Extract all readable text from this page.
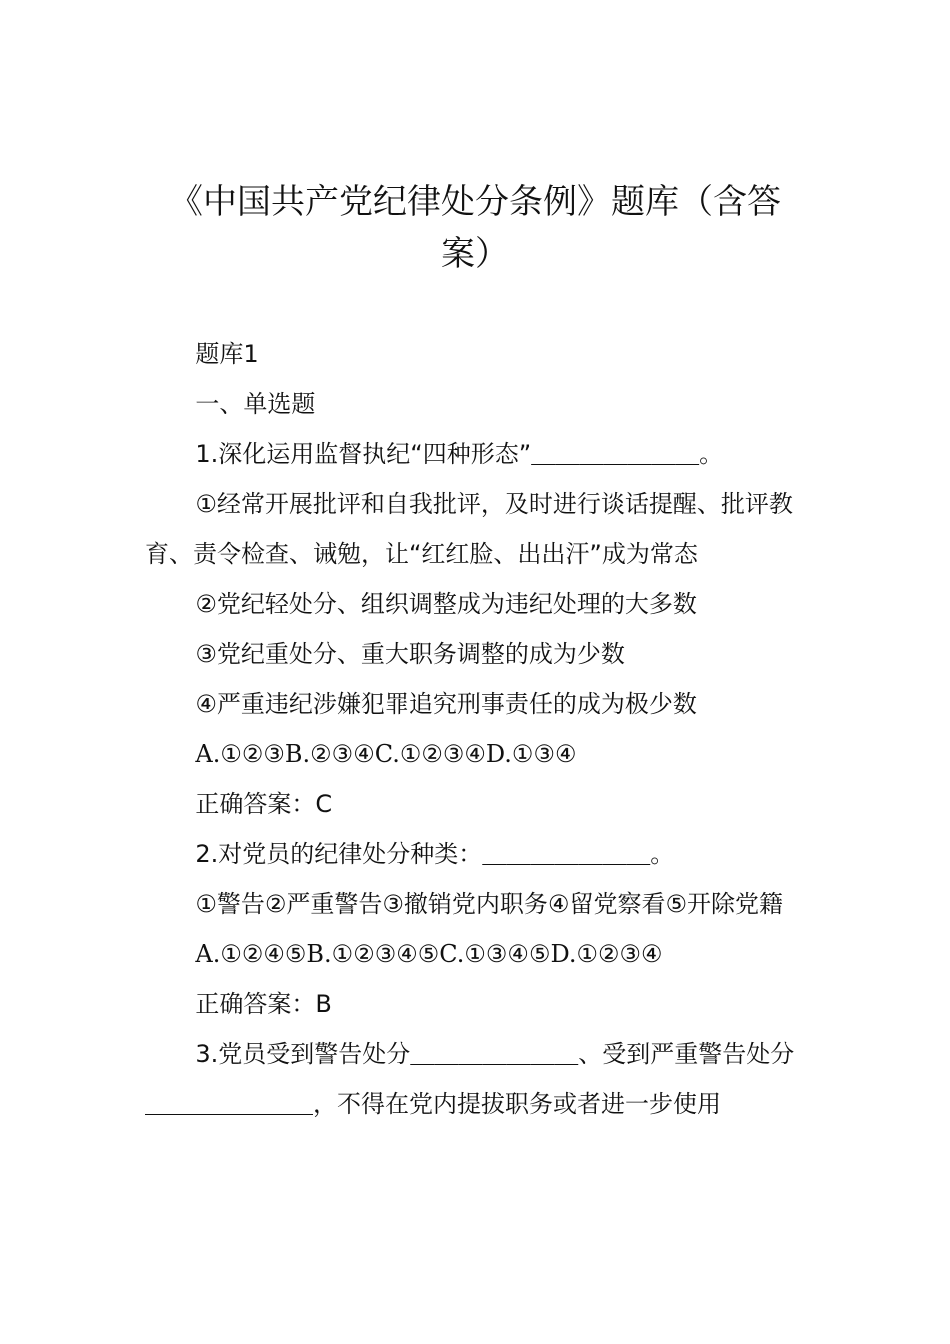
《中国共产党纪律处分条例》题库（含答案）

题库1

一、单选题

1.深化运用监督执纪“四种形态”＿＿＿＿＿＿＿。

①经常开展批评和自我批评，及时进行谈话提醒、批评教育、责令检查、诫勉，让“红红脸、出出汗”成为常态

②党纪轻处分、组织调整成为违纪处理的大多数

③党纪重处分、重大职务调整的成为少数

④严重违纪涉嫌犯罪追究刑事责任的成为极少数

A.①②③B.②③④C.①②③④D.①③④

正确答案：C

2.对党员的纪律处分种类：＿＿＿＿＿＿＿。

①警告②严重警告③撤销党内职务④留党察看⑤开除党籍

A.①②④⑤B.①②③④⑤C.①③④⑤D.①②③④

正确答案：B

3.党员受到警告处分＿＿＿＿＿＿＿、受到严重警告处分＿＿＿＿＿＿＿，不得在党内提拔职务或者进一步使用
